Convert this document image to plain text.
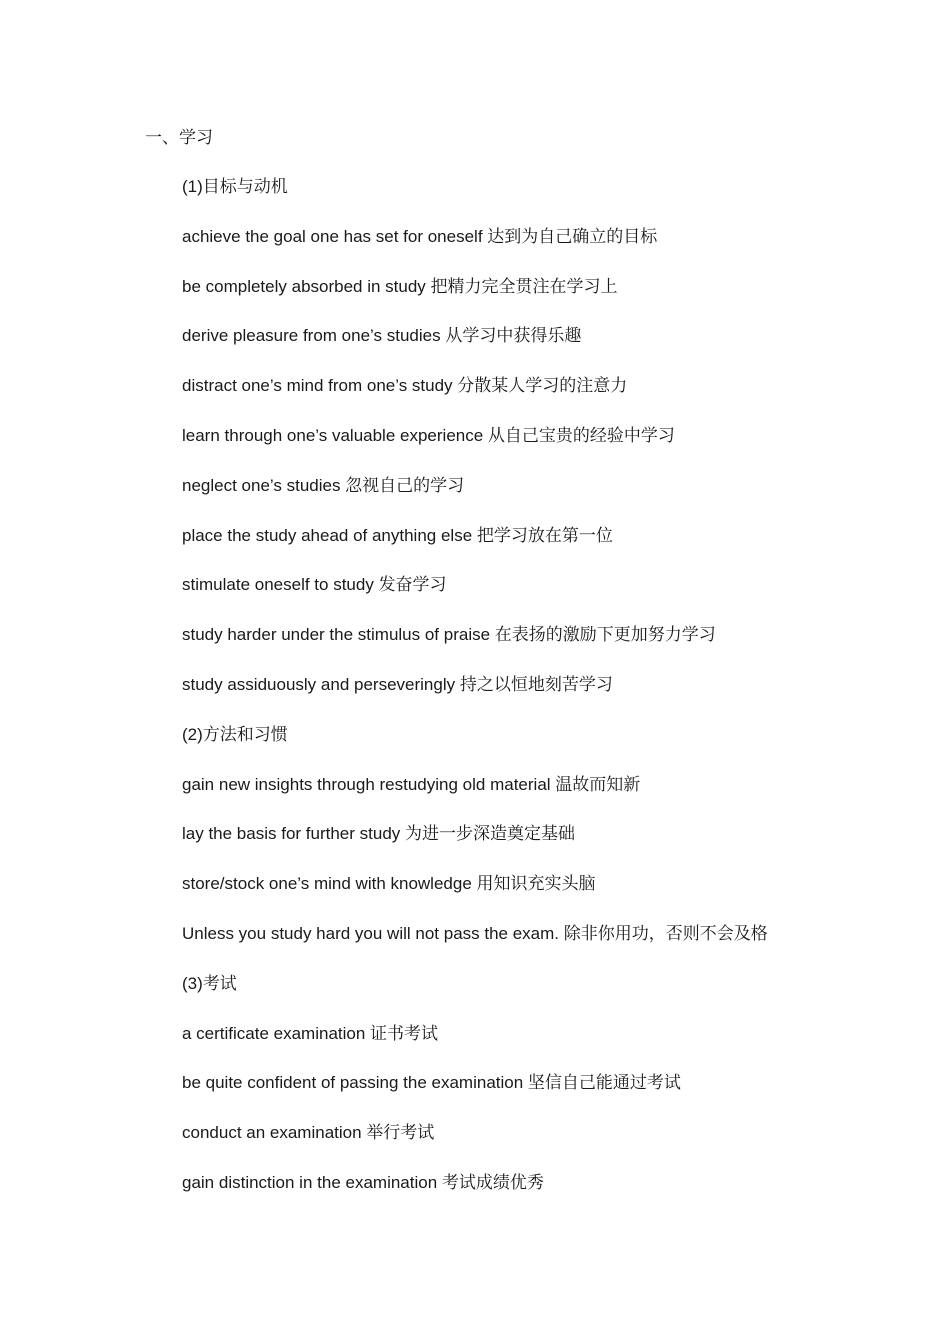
一、学习
(1)目标与动机
achieve the goal one has set for oneself 达到为自己确立的目标
be completely absorbed in study 把精力完全贯注在学习上
derive pleasure from one’s studies 从学习中获得乐趣
distract one’s mind from one’s study 分散某人学习的注意力
learn through one’s valuable experience 从自己宝贵的经验中学习
neglect one’s studies 忽视自己的学习
place the study ahead of anything else 把学习放在第一位
stimulate oneself to study 发奋学习
study harder under the stimulus of praise 在表扬的激励下更加努力学习
study assiduously and perseveringly 持之以恒地刻苦学习
(2)方法和习惯
gain new insights through restudying old material 温故而知新
lay the basis for further study 为进一步深造奠定基础
store/stock one’s mind with knowledge 用知识充实头脑
Unless you study hard you will not pass the exam. 除非你用功，否则不会及格
(3)考试
a certificate examination 证书考试
be quite confident of passing the examination 坚信自己能通过考试
conduct an examination 举行考试
gain distinction in the examination 考试成绩优秀
